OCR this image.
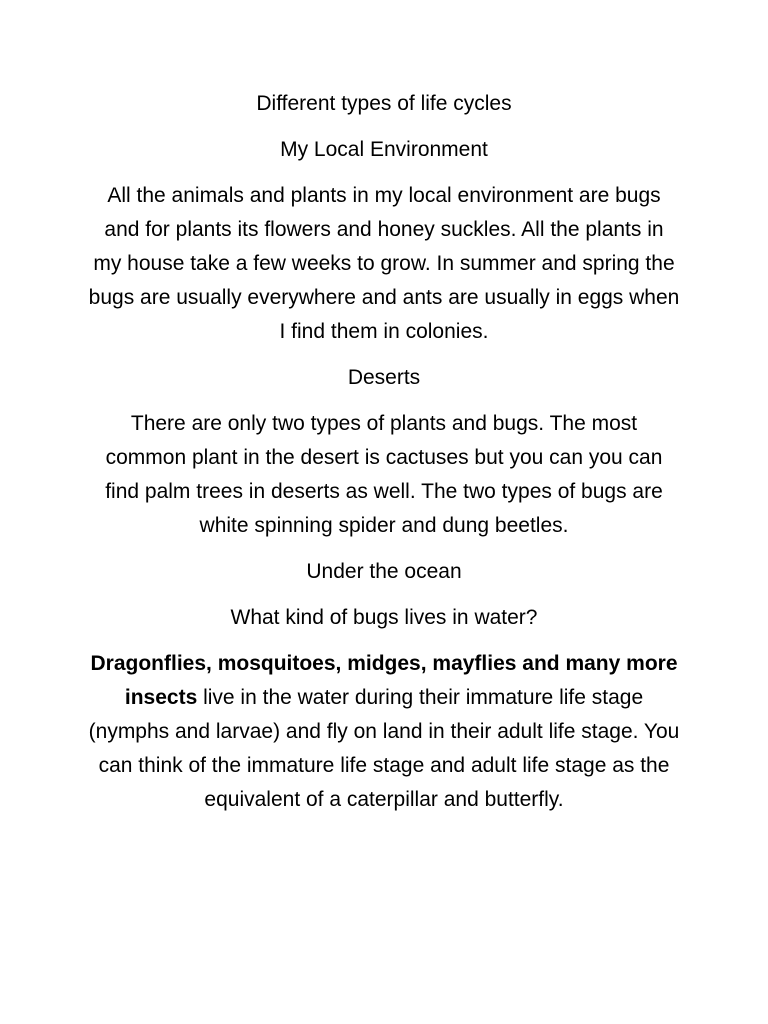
Different types of life cycles

My Local Environment

All the animals and plants in my local environment are bugs and for plants its flowers and honey suckles. All the plants in my house take a few weeks to grow. In summer and spring the bugs are usually everywhere and ants are usually in eggs when I find them in colonies.

Deserts

There are only two types of plants and bugs. The most common plant in the desert is cactuses but you can you can find palm trees in deserts as well. The two types of bugs are white spinning spider and dung beetles.

Under the ocean

What kind of bugs lives in water?

Dragonflies, mosquitoes, midges, mayflies and many more insects live in the water during their immature life stage (nymphs and larvae) and fly on land in their adult life stage. You can think of the immature life stage and adult life stage as the equivalent of a caterpillar and butterfly.
